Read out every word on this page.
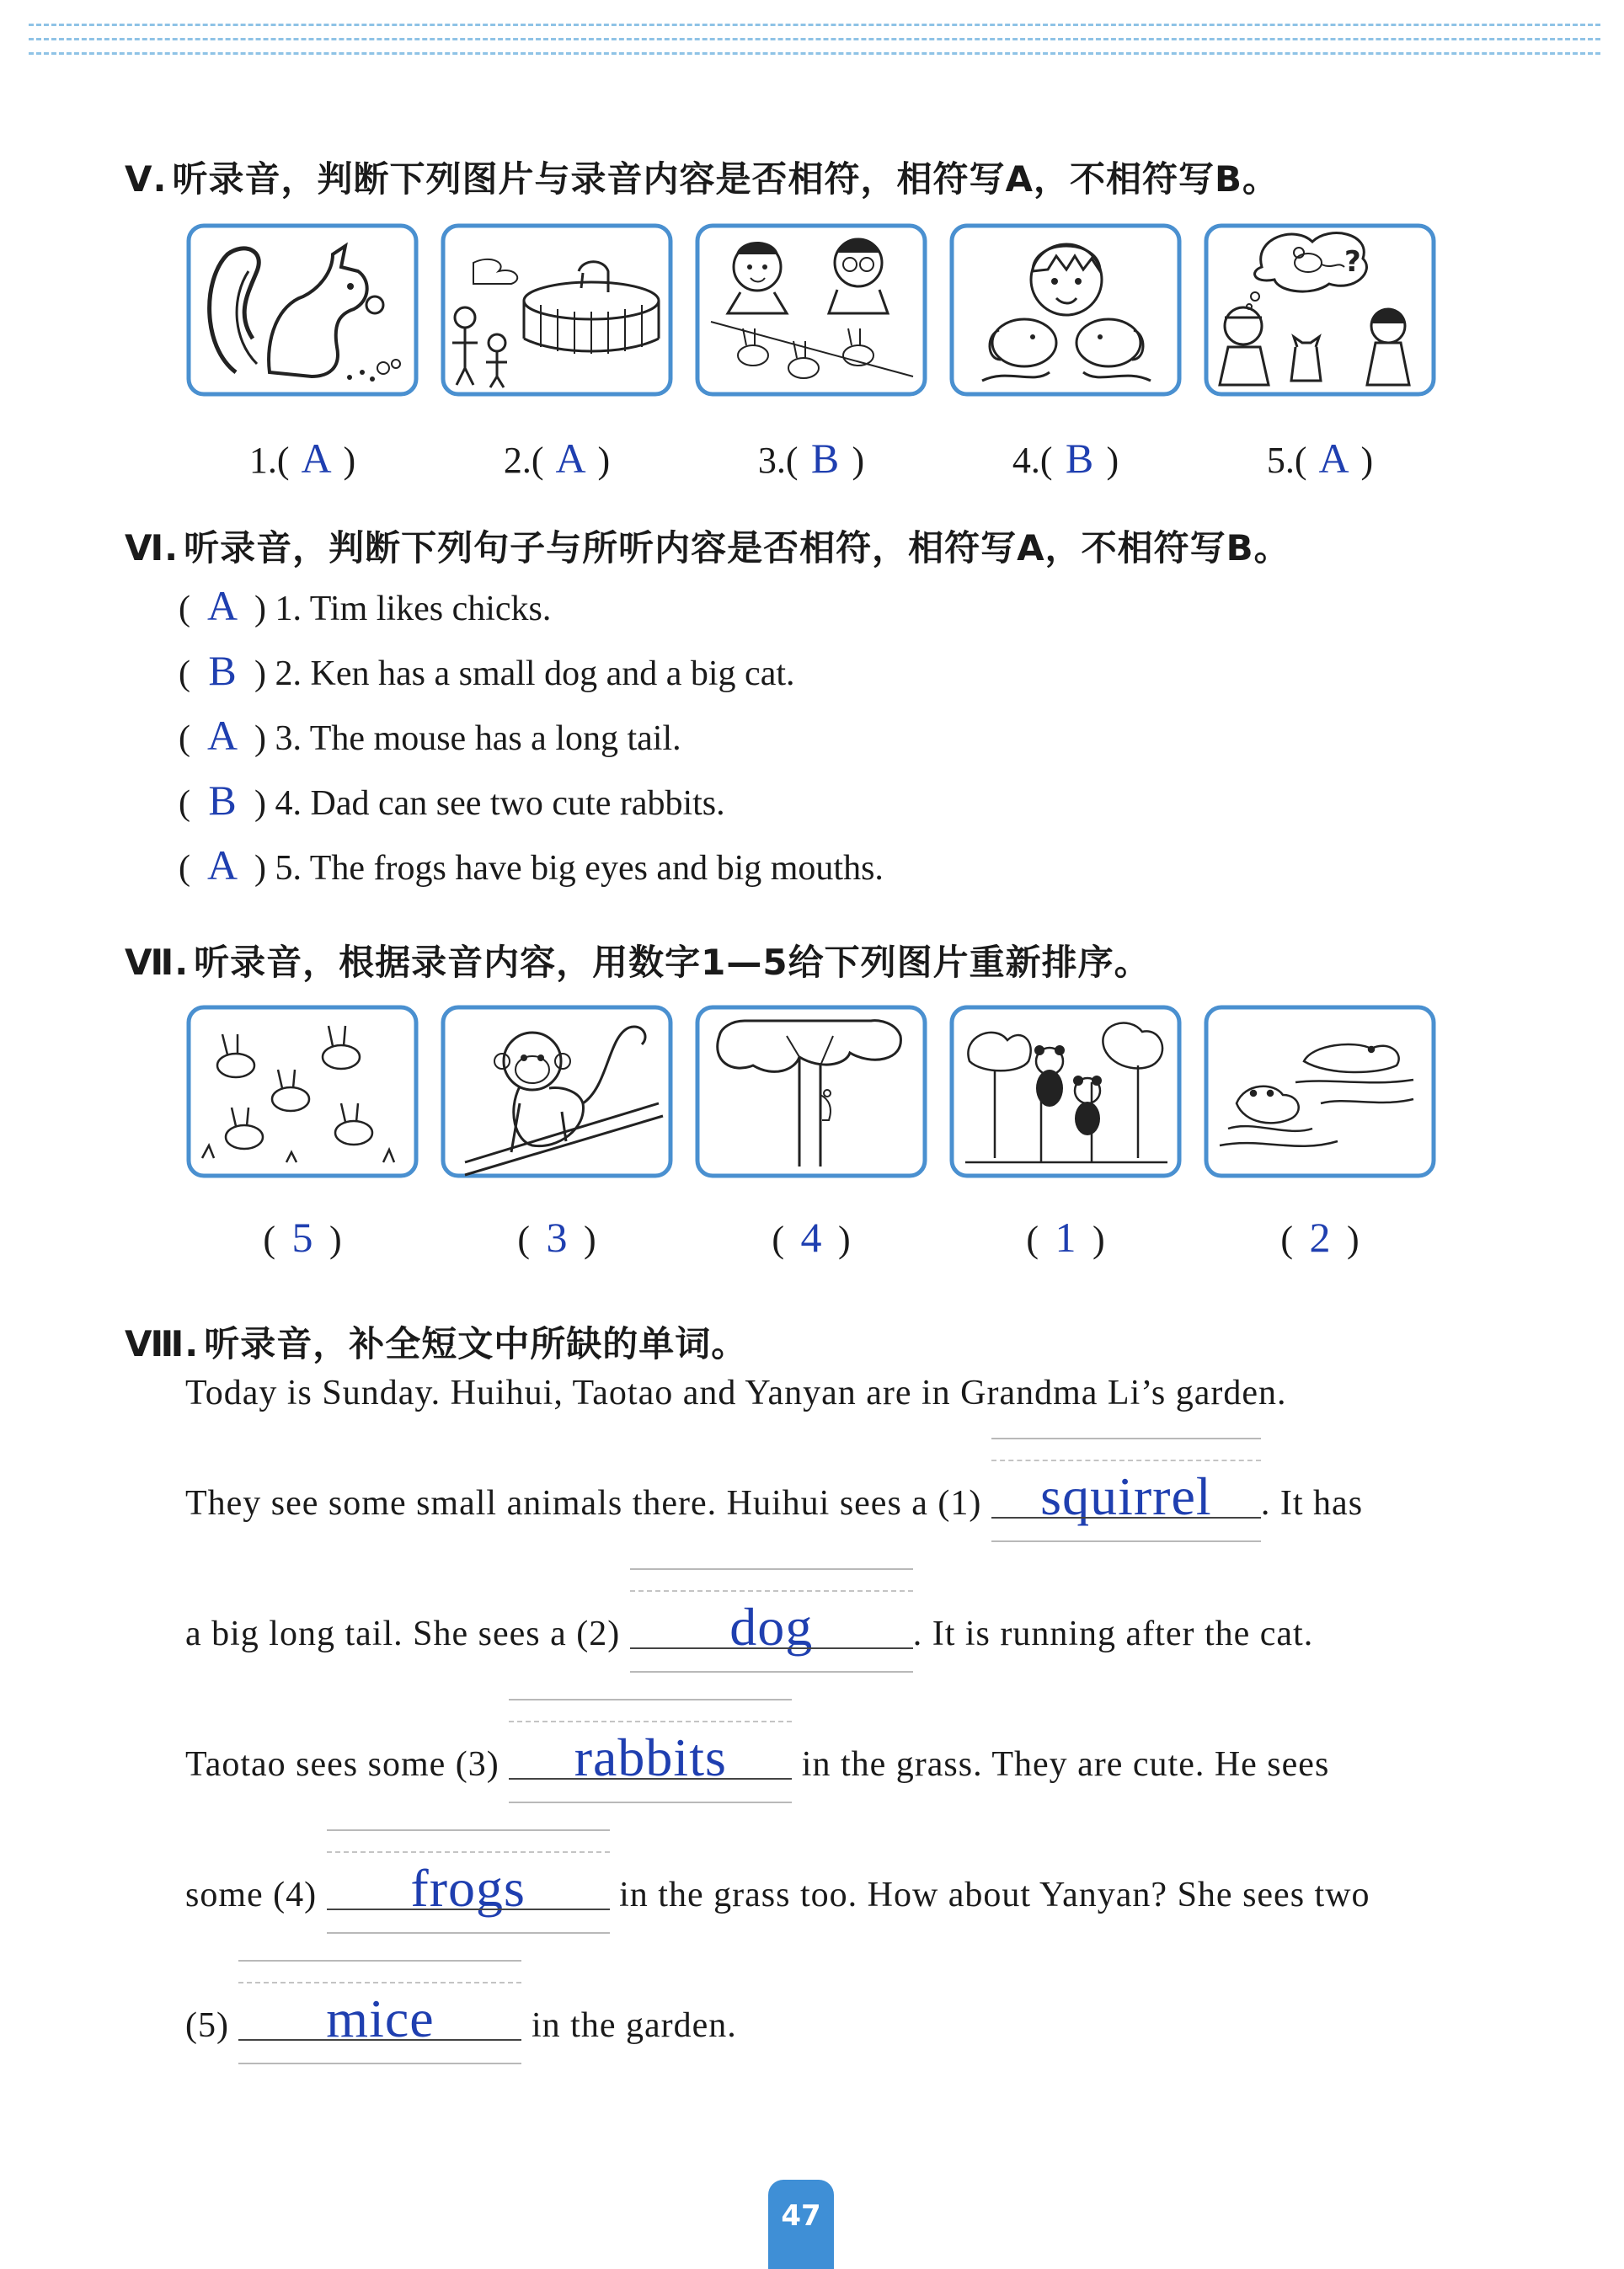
Ⅴ. 听录音，判断下列图片与录音内容是否相符，相符写A，不相符写B。
?
1.( A )	2.( A )	3.( B )	4.( B )	5.( A )
Ⅵ. 听录音，判断下列句子与所听内容是否相符，相符写A，不相符写B。
( A ) 1. Tim likes chicks.
( B ) 2. Ken has a small dog and a big cat.
( A ) 3. The mouse has a long tail.
( B ) 4. Dad can see two cute rabbits.
( A ) 5. The frogs have big eyes and big mouths.
Ⅶ. 听录音，根据录音内容，用数字1—5给下列图片重新排序。
( 5 )	( 3 )	( 4 )	( 1 )	( 2 )
Ⅷ. 听录音，补全短文中所缺的单词。
Today is Sunday. Huihui, Taotao and Yanyan are in Grandma Li’s garden.
They see some small animals there. Huihui sees a (1) squirrel . It has
a big long tail. She sees a (2) dog	. It is running after the cat.
Taotao sees some (3) rabbits in the grass. They are cute. He sees
some (4) frogs	in the grass too. How about Yanyan? She sees two
(5) mice	in the garden.
47
